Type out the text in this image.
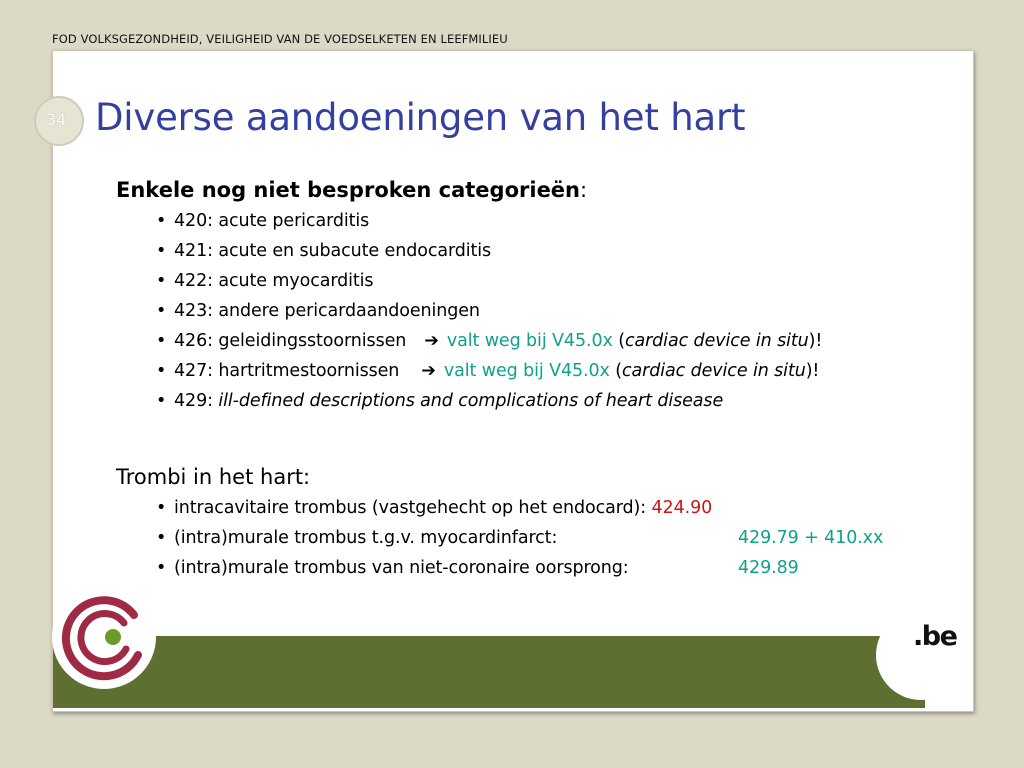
FOD VOLKSGEZONDHEID, VEILIGHEID VAN DE VOEDSELKETEN EN LEEFMILIEU
34 Diverse aandoeningen van het hart
Enkele nog niet besproken categorieën:
• 420: acute pericarditis
• 421: acute en subacute endocarditis
• 422: acute myocarditis
• 423: andere pericardaandoeningen
• 426: geleidingsstoornissen ➔ valt weg bij V45.0x (cardiac device in situ)!
• 427: hartritmestoornissen ➔ valt weg bij V45.0x (cardiac device in situ)!
• 429: ill-defined descriptions and complications of heart disease
Trombi in het hart:
• intracavitaire trombus (vastgehecht op het endocard): 424.90
• (intra)murale trombus t.g.v. myocardinfarct:	429.79 + 410.xx
• (intra)murale trombus van niet-coronaire oorsprong:	429.89
.be
